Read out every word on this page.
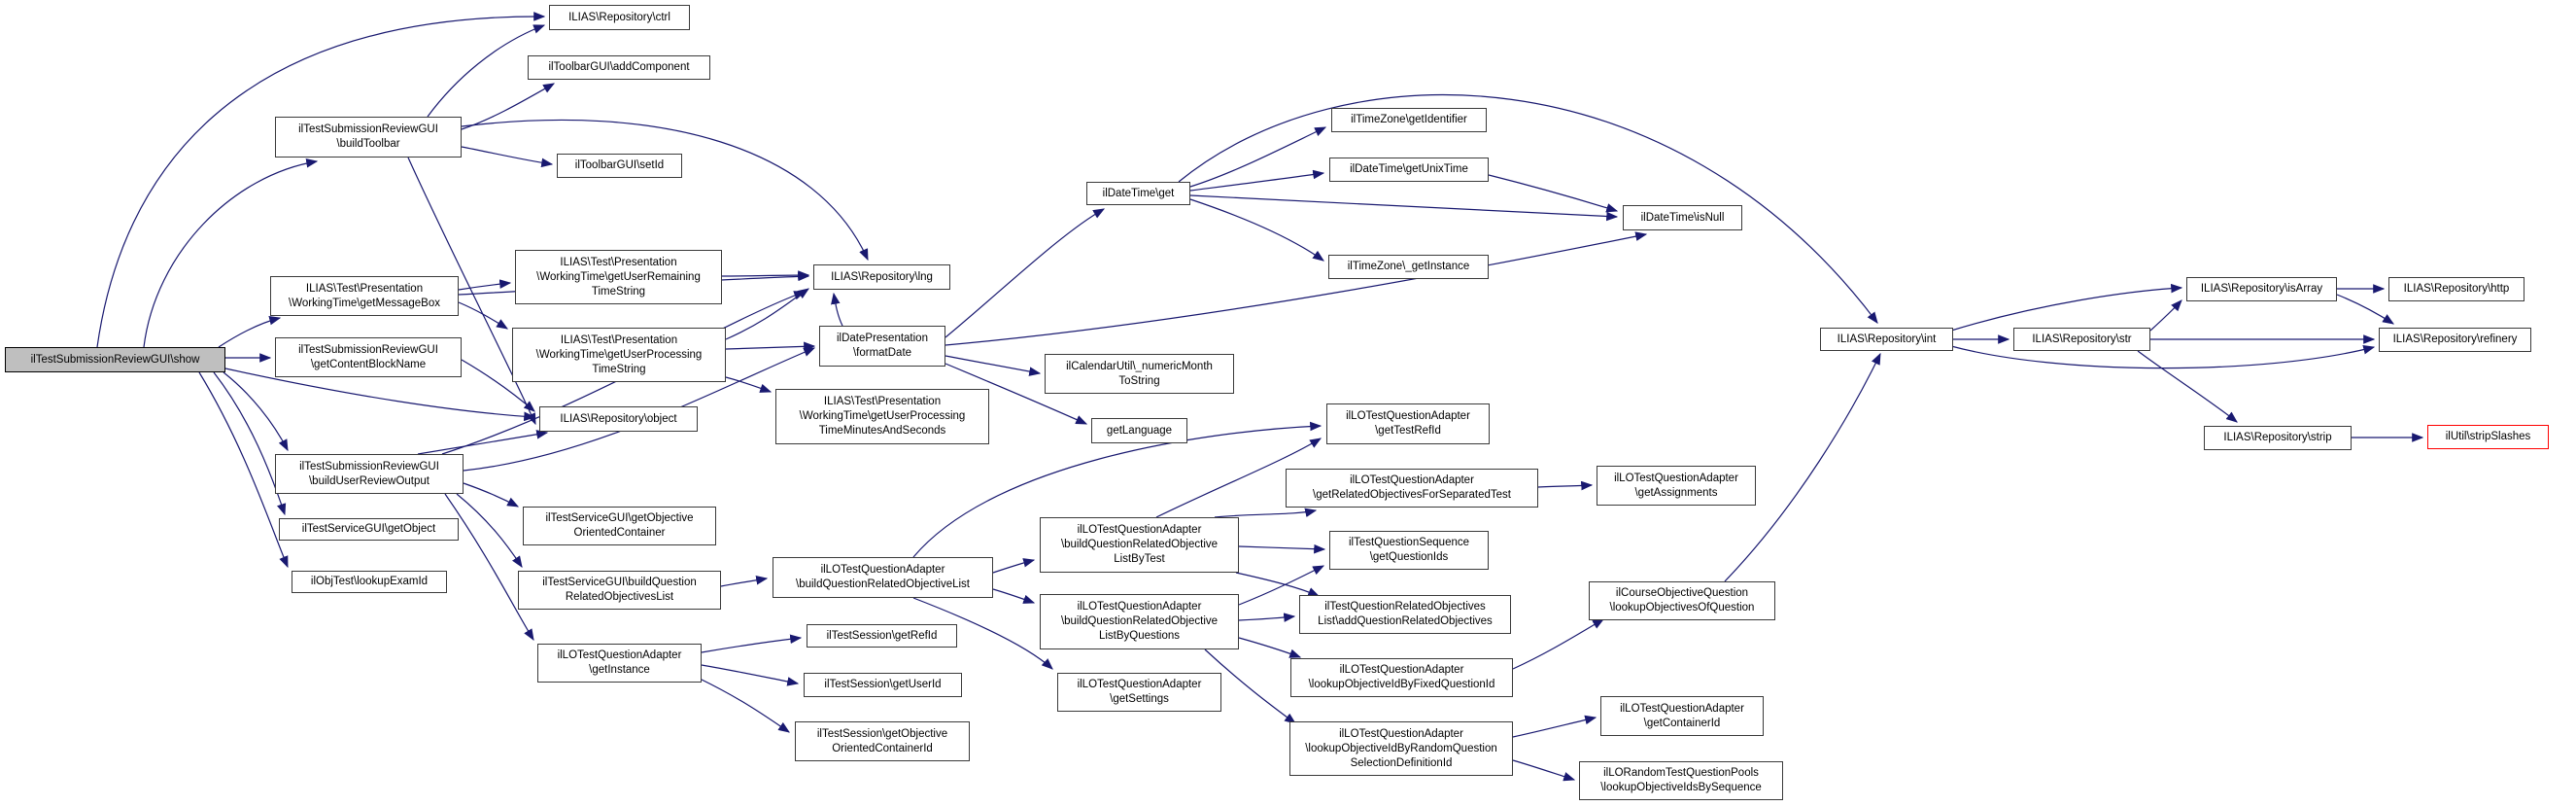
ilTestSubmissionReviewGUI\show
ilTestSubmissionReviewGUI
\buildToolbar
ILIAS\Test\Presentation
\WorkingTime\getMessageBox
ilTestSubmissionReviewGUI
\getContentBlockName
ilTestSubmissionReviewGUI
\buildUserReviewOutput
ilTestServiceGUI\getObject
ilObjTest\lookupExamId
ILIAS\Repository\ctrl
ilToolbarGUI\addComponent
ilToolbarGUI\setId
ILIAS\Test\Presentation
\WorkingTime\getUserRemaining
TimeString
ILIAS\Test\Presentation
\WorkingTime\getUserProcessing
TimeString
ILIAS\Repository\object
ilTestServiceGUI\getObjective
OrientedContainer
ilTestServiceGUI\buildQuestion
RelatedObjectivesList
ilLOTestQuestionAdapter
\getInstance
ILIAS\Repository\lng
ilDatePresentation
\formatDate
ILIAS\Test\Presentation
\WorkingTime\getUserProcessing
TimeMinutesAndSeconds
ilLOTestQuestionAdapter
\buildQuestionRelatedObjectiveList
ilTestSession\getRefId
ilTestSession\getUserId
ilTestSession\getObjective
OrientedContainerId
ilDateTime\get
ilCalendarUtil\_numericMonth
ToString
getLanguage
ilLOTestQuestionAdapter
\buildQuestionRelatedObjective
ListByTest
ilLOTestQuestionAdapter
\buildQuestionRelatedObjective
ListByQuestions
ilLOTestQuestionAdapter
\getSettings
ilTimeZone\getIdentifier
ilDateTime\getUnixTime
ilTimeZone\_getInstance
ilLOTestQuestionAdapter
\getTestRefId
ilLOTestQuestionAdapter
\getRelatedObjectivesForSeparatedTest
ilTestQuestionSequence
\getQuestionIds
ilTestQuestionRelatedObjectives
List\addQuestionRelatedObjectives
ilLOTestQuestionAdapter
\lookupObjectiveIdByFixedQuestionId
ilLOTestQuestionAdapter
\lookupObjectiveIdByRandomQuestion
SelectionDefinitionId
ilDateTime\isNull
ilLOTestQuestionAdapter
\getAssignments
ilCourseObjectiveQuestion
\lookupObjectivesOfQuestion
ilLOTestQuestionAdapter
\getContainerId
ilLORandomTestQuestionPools
\lookupObjectiveIdsBySequence
ILIAS\Repository\int	ILIAS\Repository\str
ILIAS\Repository\isArray
ILIAS\Repository\strip
ILIAS\Repository\http
ILIAS\Repository\refinery
ilUtil\stripSlashes
